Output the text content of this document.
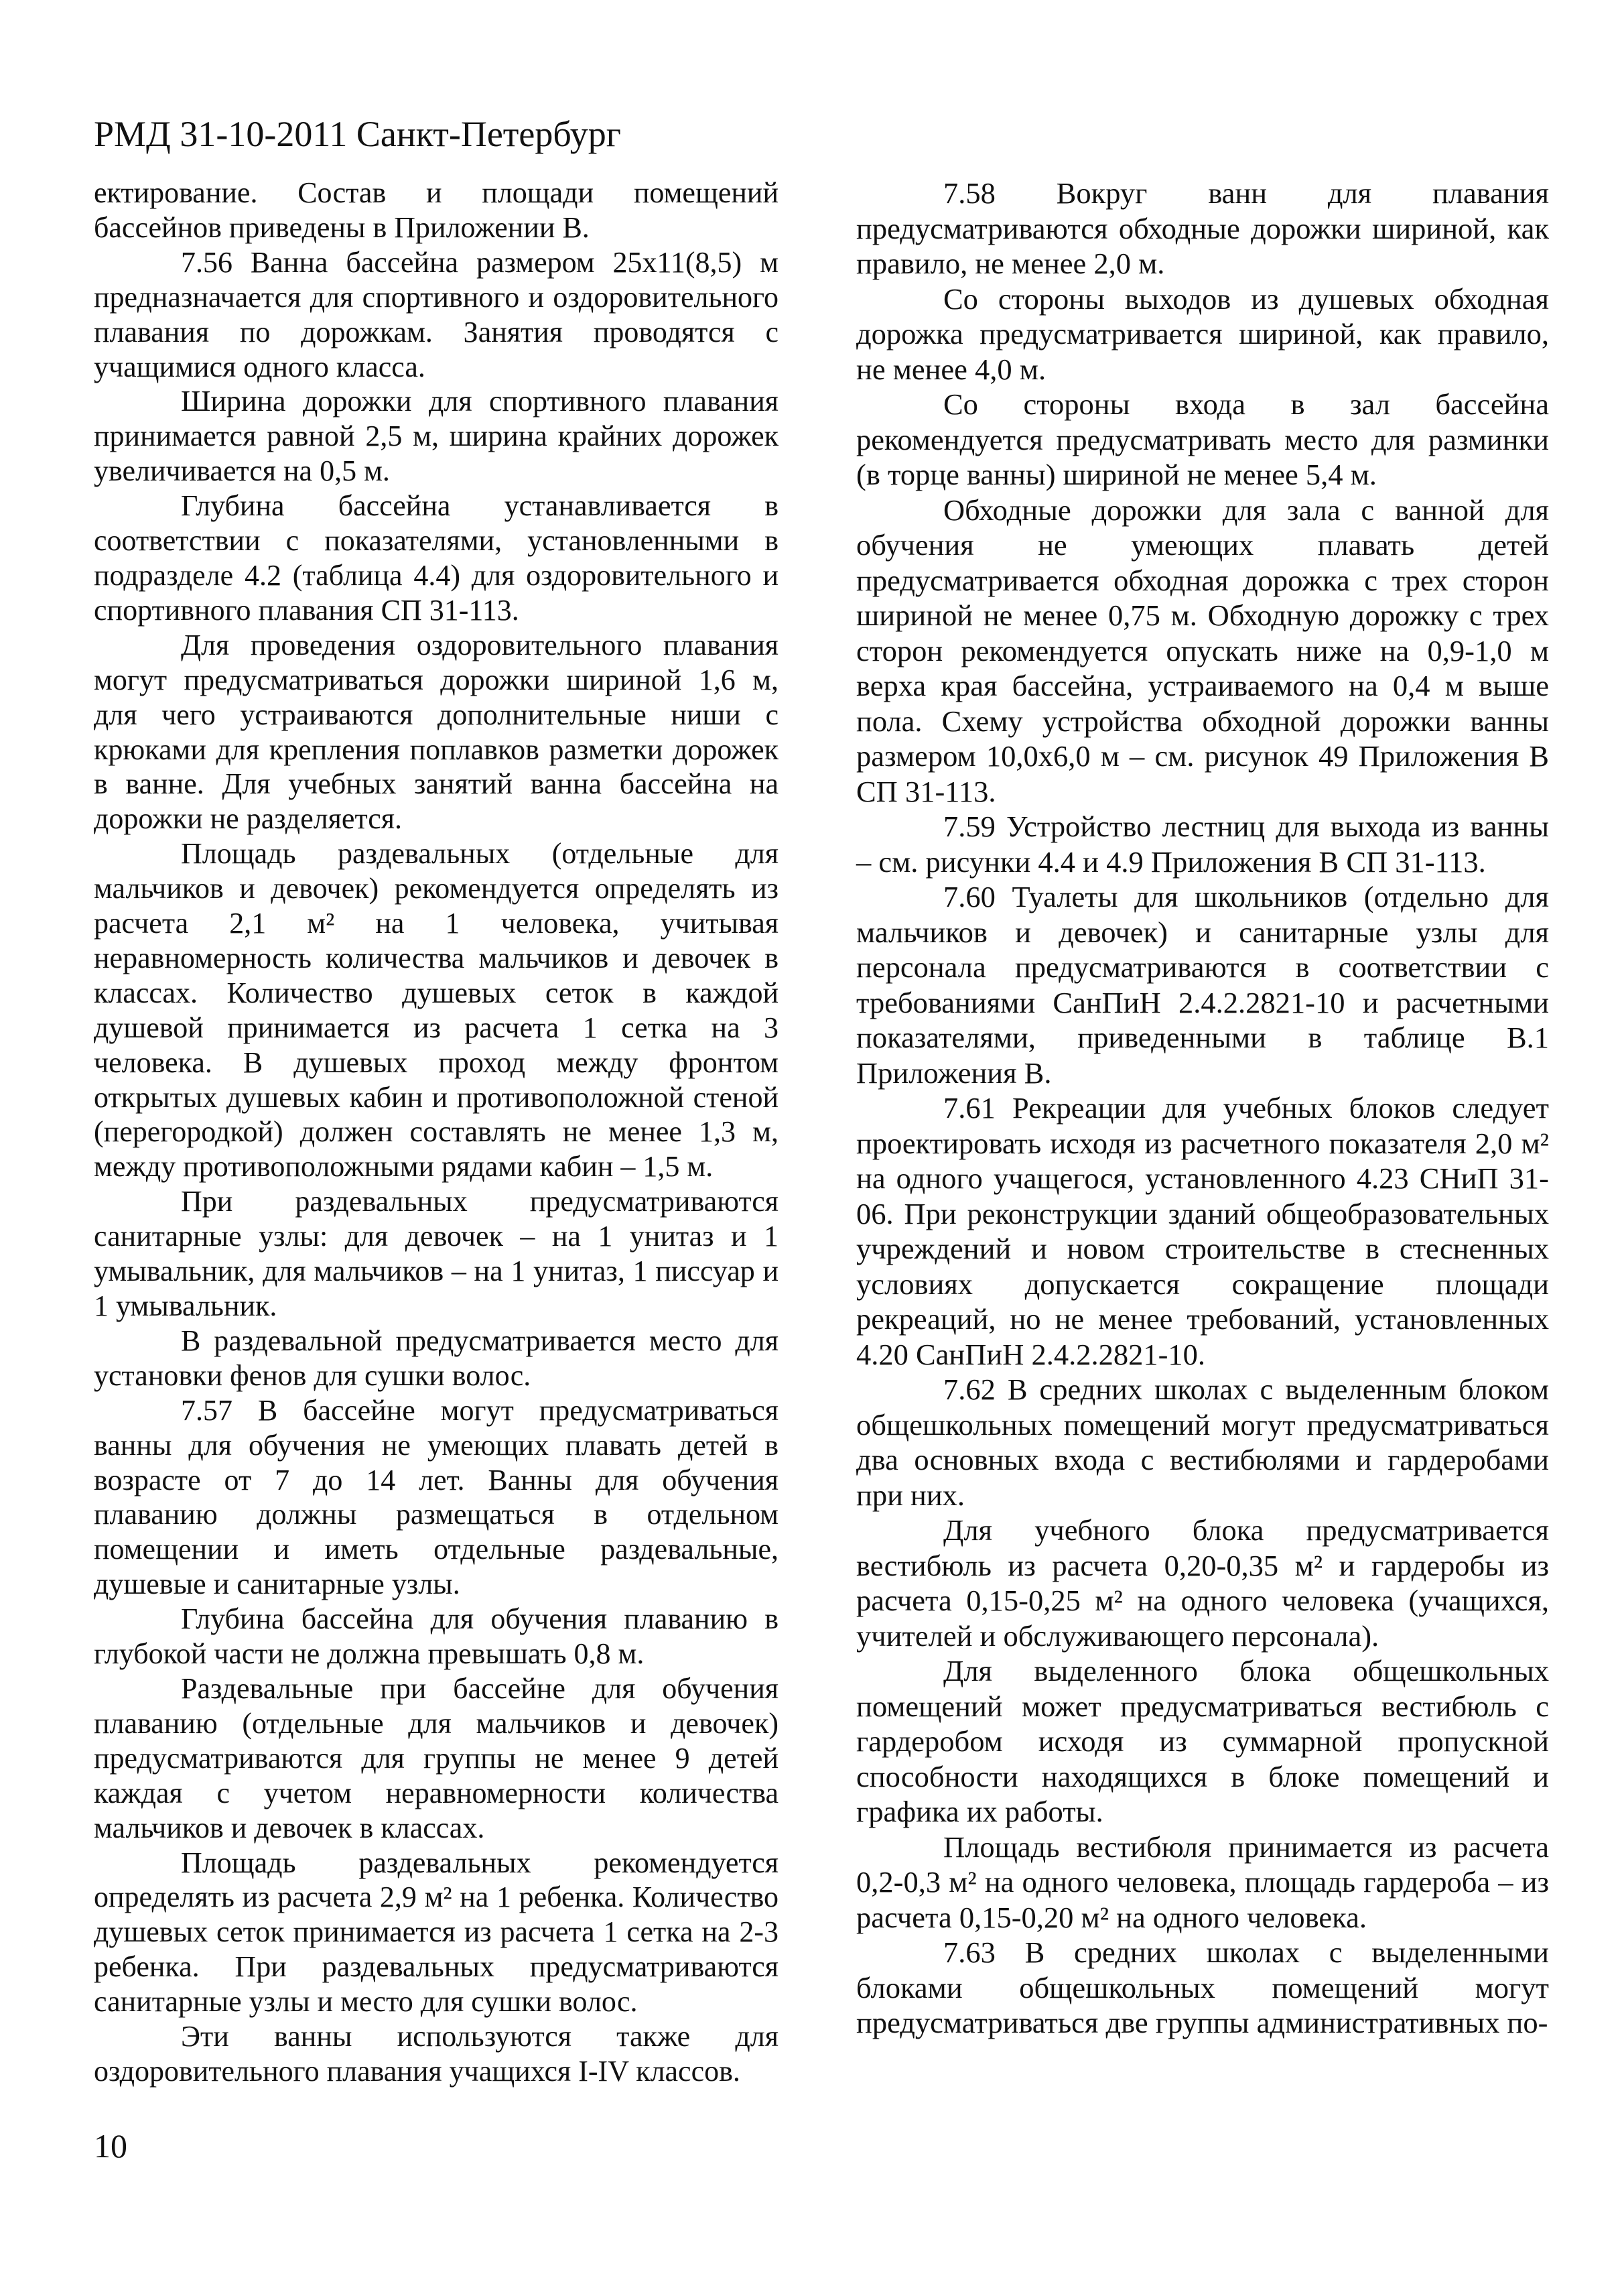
РМД 31-10-2011 Санкт-Петербург

ектирование. Состав и площади помещений бассейнов приведены в Приложении В.

7.56 Ванна бассейна размером 25x11(8,5) м предназначается для спортивного и оздоровительного плавания по дорожкам. Занятия проводятся с учащимися одного класса.

Ширина дорожки для спортивного плавания принимается равной 2,5 м, ширина крайних дорожек увеличивается на 0,5 м.

Глубина бассейна устанавливается в соответствии с показателями, установленными в подразделе 4.2 (таблица 4.4) для оздоровительного и спортивного плавания СП 31-113.

Для проведения оздоровительного плавания могут предусматриваться дорожки шириной 1,6 м, для чего устраиваются дополнительные ниши с крюками для крепления поплавков разметки дорожек в ванне. Для учебных занятий ванна бассейна на дорожки не разделяется.

Площадь раздевальных (отдельные для мальчиков и девочек) рекомендуется определять из расчета 2,1 м² на 1 человека, учитывая неравномерность количества мальчиков и девочек в классах. Количество душевых сеток в каждой душевой принимается из расчета 1 сетка на 3 человека. В душевых проход между фронтом открытых душевых кабин и противоположной стеной (перегородкой) должен составлять не менее 1,3 м, между противоположными рядами кабин – 1,5 м.

При раздевальных предусматриваются санитарные узлы: для девочек – на 1 унитаз и 1 умывальник, для мальчиков – на 1 унитаз, 1 писсуар и 1 умывальник.

В раздевальной предусматривается место для установки фенов для сушки волос.

7.57 В бассейне могут предусматриваться ванны для обучения не умеющих плавать детей в возрасте от 7 до 14 лет. Ванны для обучения плаванию должны размещаться в отдельном помещении и иметь отдельные раздевальные, душевые и санитарные узлы.

Глубина бассейна для обучения плаванию в глубокой части не должна превышать 0,8 м.

Раздевальные при бассейне для обучения плаванию (отдельные для мальчиков и девочек) предусматриваются для группы не менее 9 детей каждая с учетом неравномерности количества мальчиков и девочек в классах.

Площадь раздевальных рекомендуется определять из расчета 2,9 м² на 1 ребенка. Количество душевых сеток принимается из расчета 1 сетка на 2-3 ребенка. При раздевальных предусматриваются санитарные узлы и место для сушки волос.

Эти ванны используются также для оздоровительного плавания учащихся I-IV классов.

7.58 Вокруг ванн для плавания предусматриваются обходные дорожки шириной, как правило, не менее 2,0 м.

Со стороны выходов из душевых обходная дорожка предусматривается шириной, как правило, не менее 4,0 м.

Со стороны входа в зал бассейна рекомендуется предусматривать место для разминки (в торце ванны) шириной не менее 5,4 м.

Обходные дорожки для зала с ванной для обучения не умеющих плавать детей предусматривается обходная дорожка с трех сторон шириной не менее 0,75 м. Обходную дорожку с трех сторон рекомендуется опускать ниже на 0,9-1,0 м верха края бассейна, устраиваемого на 0,4 м выше пола. Схему устройства обходной дорожки ванны размером 10,0х6,0 м – см. рисунок 49 Приложения В СП 31-113.

7.59 Устройство лестниц для выхода из ванны – см. рисунки 4.4 и 4.9 Приложения В СП 31-113.

7.60 Туалеты для школьников (отдельно для мальчиков и девочек) и санитарные узлы для персонала предусматриваются в соответствии с требованиями СанПиН 2.4.2.2821-10 и расчетными показателями, приведенными в таблице В.1 Приложения В.

7.61 Рекреации для учебных блоков следует проектировать исходя из расчетного показателя 2,0 м² на одного учащегося, установленного 4.23 СНиП 31-06. При реконструкции зданий общеобразовательных учреждений и новом строительстве в стесненных условиях допускается сокращение площади рекреаций, но не менее требований, установленных 4.20 СанПиН 2.4.2.2821-10.

7.62 В средних школах с выделенным блоком общешкольных помещений могут предусматриваться два основных входа с вестибюлями и гардеробами при них.

Для учебного блока предусматривается вестибюль из расчета 0,20-0,35 м² и гардеробы из расчета 0,15-0,25 м² на одного человека (учащихся, учителей и обслуживающего персонала).

Для выделенного блока общешкольных помещений может предусматриваться вестибюль с гардеробом исходя из суммарной пропускной способности находящихся в блоке помещений и графика их работы.

Площадь вестибюля принимается из расчета 0,2-0,3 м² на одного человека, площадь гардероба – из расчета 0,15-0,20 м² на одного человека.

7.63 В средних школах с выделенными блоками общешкольных помещений могут предусматриваться две группы административных по-

10
